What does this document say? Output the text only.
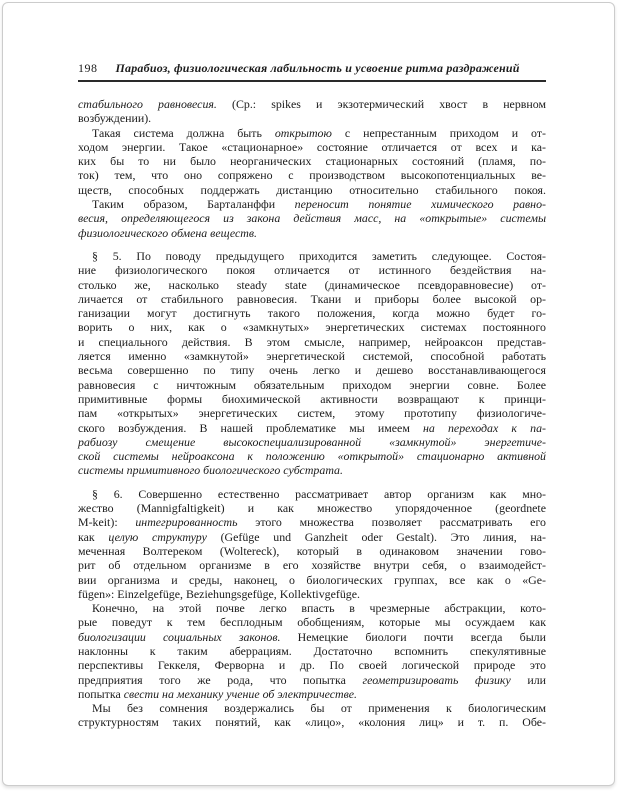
198 Парабиоз, физиологическая лабильность и усвоение ритма раздражений
стабильного равновесия. (Ср.: spikes и экзотермический хвост в нервном
возбуждении).
Такая система должна быть открытою с непрестанным приходом и от-
ходом энергии. Такое «стационарное» состояние отличается от всех и ка-
ких бы то ни было неорганических стационарных состояний (пламя, по-
ток) тем, что оно сопряжено с производством высокопотенциальных ве-
ществ, способных поддержать дистанцию относительно стабильного покоя.
Таким образом, Барталанффи переносит понятие химического равно-
весия, определяющегося из закона действия масс, на «открытые» системы
физиологического обмена веществ.
§ 5. По поводу предыдущего приходится заметить следующее. Состоя-
ние физиологического покоя отличается от истинного бездействия на-
столько же, насколько steady state (динамическое псевдоравновесие) от-
личается от стабильного равновесия. Ткани и приборы более высокой ор-
ганизации могут достигнуть такого положения, когда можно будет го-
ворить о них, как о «замкнутых» энергетических системах постоянного
и специального действия. В этом смысле, например, нейроаксон представ-
ляется именно «замкнутой» энергетической системой, способной работать
весьма совершенно по типу очень легко и дешево восстанавливающегося
равновесия с ничтожным обязательным приходом энергии совне. Более
примитивные формы биохимической активности возвращают к принци-
пам «открытых» энергетических систем, этому прототипу физиологиче-
ского возбуждения. В нашей проблематике мы имеем на переходах к па-
рабиозу смещение высокоспециализированной «замкнутой» энергетиче-
ской системы нейроаксона к положению «открытой» стационарно активной
системы примитивного биологического субстрата.
§ 6. Совершенно естественно рассматривает автор организм как мно-
жество (Mannigfaltigkeit) и как множество упорядоченное (geordnete
M-keit): интегрированность этого множества позволяет рассматривать его
как целую структуру (Gefüge und Ganzheit oder Gestalt). Это линия, на-
меченная Волтереком (Woltereck), который в одинаковом значении гово-
рит об отдельном организме в его хозяйстве внутри себя, о взаимодейст-
вии организма и среды, наконец, о биологических группах, все как о «Ge-
fügen»: Einzelgefüge, Beziehungsgefüge, Kollektivgefüge.
Конечно, на этой почве легко впасть в чрезмерные абстракции, кото-
рые поведут к тем бесплодным обобщениям, которые мы осуждаем как
биологизации социальных законов. Немецкие биологи почти всегда были
наклонны к таким аберрациям. Достаточно вспомнить спекулятивные
перспективы Геккеля, Ферворна и др. По своей логической природе это
предприятия того же рода, что попытка геометризировать физику или
попытка свести на механику учение об электричестве.
Мы без сомнения воздержались бы от применения к биологическим
структурностям таких понятий, как «лицо», «колония лиц» и т. п. Обе-
